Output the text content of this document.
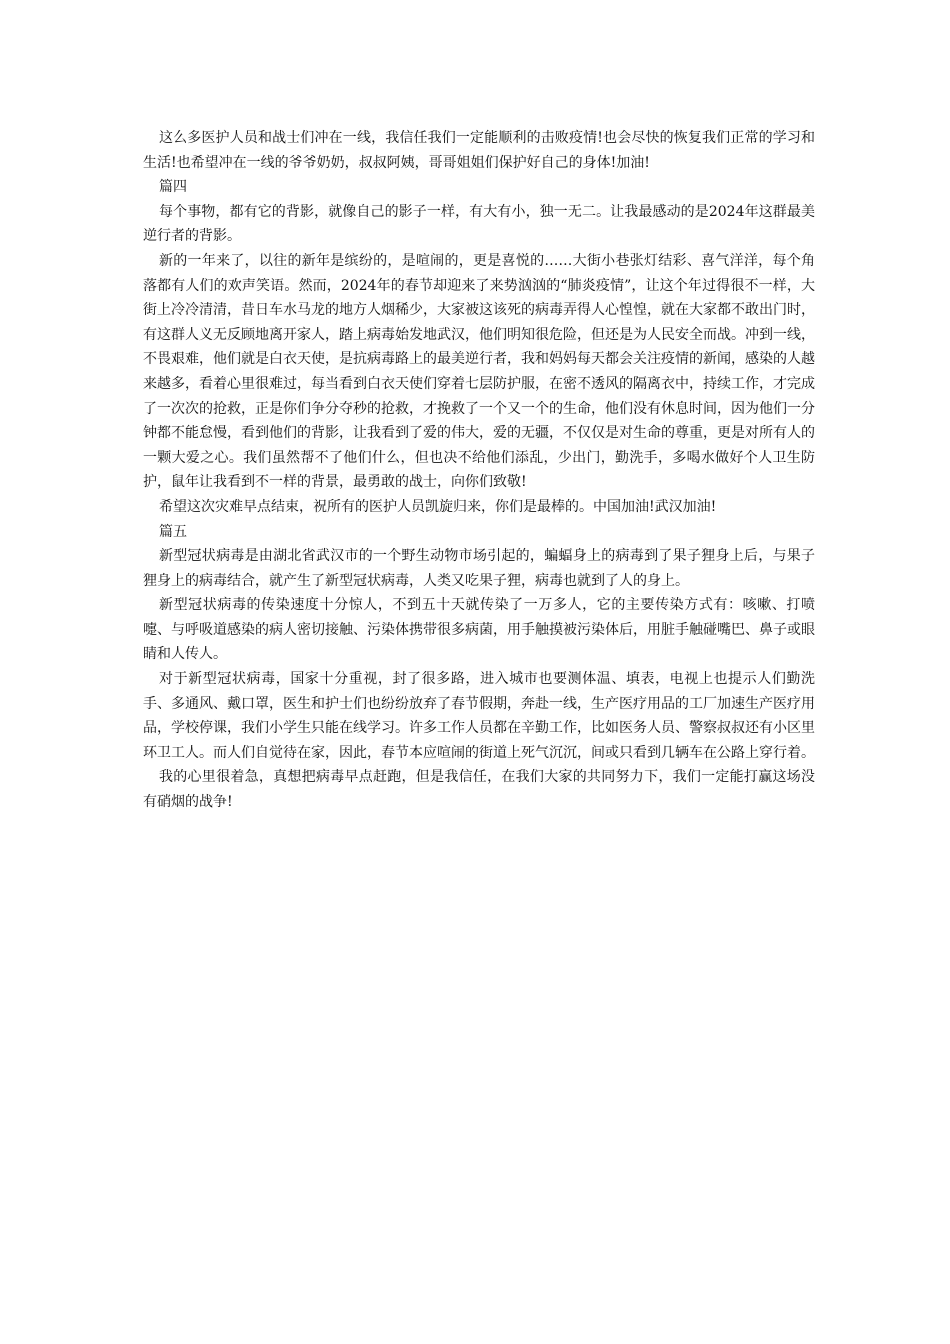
这么多医护人员和战士们冲在一线，我信任我们一定能顺利的击败疫情!也会尽快的恢复我们正常的学习和生活!也希望冲在一线的爷爷奶奶，叔叔阿姨，哥哥姐姐们保护好自己的身体!加油!

篇四

每个事物，都有它的背影，就像自己的影子一样，有大有小，独一无二。让我最感动的是2024年这群最美逆行者的背影。

新的一年来了，以往的新年是缤纷的，是喧闹的，更是喜悦的……大街小巷张灯结彩、喜气洋洋，每个角落都有人们的欢声笑语。然而，2024年的春节却迎来了来势汹汹的“肺炎疫情”，让这个年过得很不一样，大街上冷冷清清，昔日车水马龙的地方人烟稀少，大家被这该死的病毒弄得人心惶惶，就在大家都不敢出门时，有这群人义无反顾地离开家人，踏上病毒始发地武汉，他们明知很危险，但还是为人民安全而战。冲到一线，不畏艰难，他们就是白衣天使，是抗病毒路上的最美逆行者，我和妈妈每天都会关注疫情的新闻，感染的人越来越多，看着心里很难过，每当看到白衣天使们穿着七层防护服，在密不透风的隔离衣中，持续工作，才完成了一次次的抢救，正是你们争分夺秒的抢救，才挽救了一个又一个的生命，他们没有休息时间，因为他们一分钟都不能怠慢，看到他们的背影，让我看到了爱的伟大，爱的无疆，不仅仅是对生命的尊重，更是对所有人的一颗大爱之心。我们虽然帮不了他们什么，但也决不给他们添乱，少出门，勤洗手，多喝水做好个人卫生防护，鼠年让我看到不一样的背景，最勇敢的战士，向你们致敬!

希望这次灾难早点结束，祝所有的医护人员凯旋归来，你们是最棒的。中国加油!武汉加油!

篇五

新型冠状病毒是由湖北省武汉市的一个野生动物市场引起的，蝙蝠身上的病毒到了果子狸身上后，与果子狸身上的病毒结合，就产生了新型冠状病毒，人类又吃果子狸，病毒也就到了人的身上。

新型冠状病毒的传染速度十分惊人，不到五十天就传染了一万多人，它的主要传染方式有：咳嗽、打喷嚏、与呼吸道感染的病人密切接触、污染体携带很多病菌，用手触摸被污染体后，用脏手触碰嘴巴、鼻子或眼睛和人传人。

对于新型冠状病毒，国家十分重视，封了很多路，进入城市也要测体温、填表，电视上也提示人们勤洗手、多通风、戴口罩，医生和护士们也纷纷放弃了春节假期，奔赴一线，生产医疗用品的工厂加速生产医疗用品，学校停课，我们小学生只能在线学习。许多工作人员都在辛勤工作，比如医务人员、警察叔叔还有小区里环卫工人。而人们自觉待在家，因此，春节本应喧闹的街道上死气沉沉，间或只看到几辆车在公路上穿行着。

我的心里很着急，真想把病毒早点赶跑，但是我信任，在我们大家的共同努力下，我们一定能打赢这场没有硝烟的战争!
